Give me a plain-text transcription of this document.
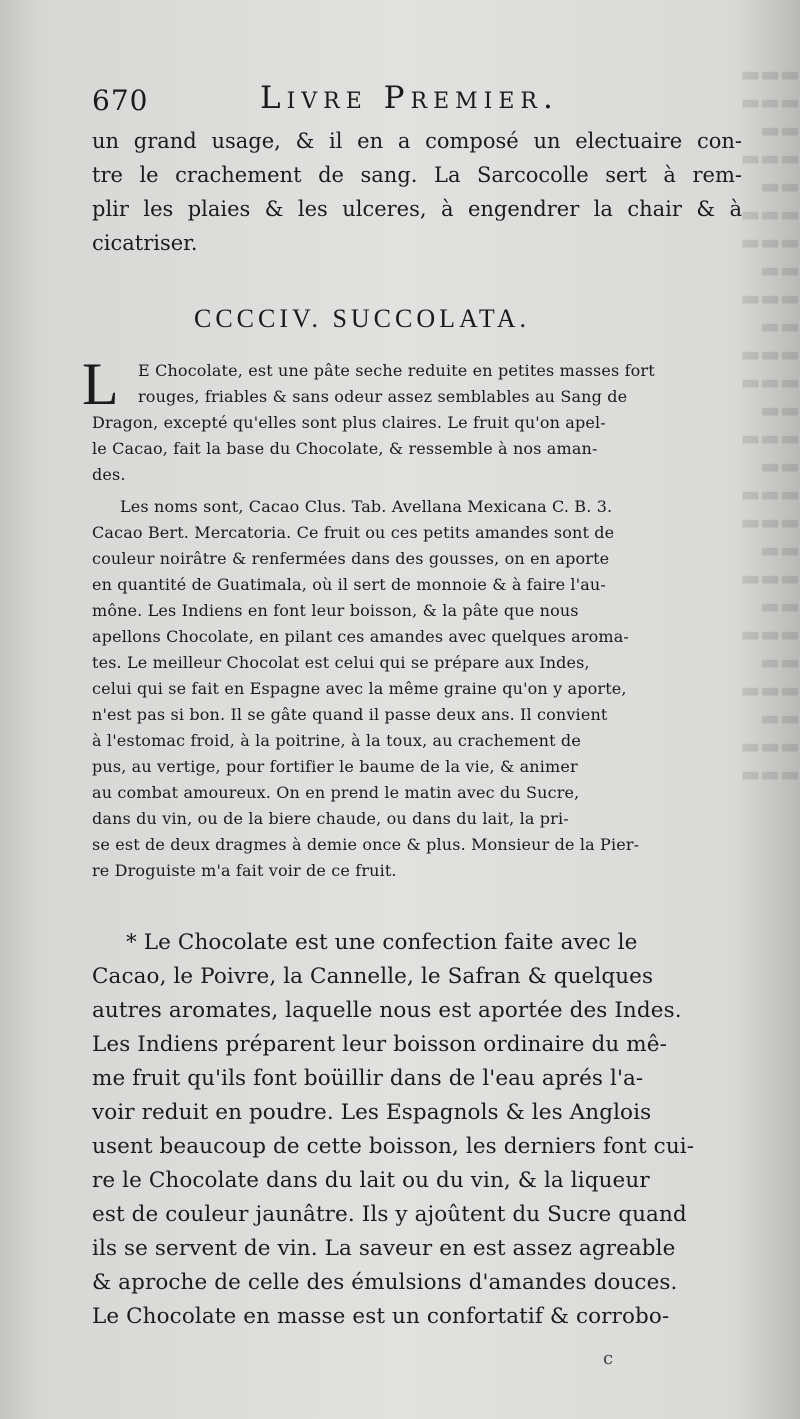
▬▬▬
▬▬▬
▬▬
▬▬▬
▬▬
▬▬▬
▬▬▬
▬▬
▬▬▬
▬▬
▬▬▬
▬▬▬
▬▬
▬▬▬
▬▬
▬▬▬
▬▬▬
▬▬
▬▬▬
▬▬
▬▬▬
▬▬
▬▬▬
▬▬
▬▬▬
▬▬▬
670	Livre Premier.

un grand usage, & il en a composé un electuaire con-

tre le crachement de sang. La Sarcocolle sert à rem-

plir les plaies & les ulceres, à engendrer la chair & à

cicatriser.

CCCCIV. SUCCOLATA.
L	E Chocolate, est une pâte seche reduite en petites masses fort

rouges, friables & sans odeur assez semblables au Sang de

Dragon, excepté qu'elles sont plus claires. Le fruit qu'on apel-

le Cacao, fait la base du Chocolate, & ressemble à nos aman-

des.

Les noms sont, Cacao Clus. Tab. Avellana Mexicana C. B. 3.

Cacao Bert. Mercatoria. Ce fruit ou ces petits amandes sont de

couleur noirâtre & renfermées dans des gousses, on en aporte

en quantité de Guatimala, où il sert de monnoie & à faire l'au-

mône. Les Indiens en font leur boisson, & la pâte que nous

apellons Chocolate, en pilant ces amandes avec quelques aroma-

tes. Le meilleur Chocolat est celui qui se prépare aux Indes,

celui qui se fait en Espagne avec la même graine qu'on y aporte,

n'est pas si bon. Il se gâte quand il passe deux ans. Il convient

à l'estomac froid, à la poitrine, à la toux, au crachement de

pus, au vertige, pour fortifier le baume de la vie, & animer

au combat amoureux. On en prend le matin avec du Sucre,

dans du vin, ou de la biere chaude, ou dans du lait, la pri-

se est de deux dragmes à demie once & plus. Monsieur de la Pier-

re Droguiste m'a fait voir de ce fruit.

* Le Chocolate est une confection faite avec le

Cacao, le Poivre, la Cannelle, le Safran & quelques

autres aromates, laquelle nous est aportée des Indes.

Les Indiens préparent leur boisson ordinaire du mê-

me fruit qu'ils font boüillir dans de l'eau aprés l'a-

voir reduit en poudre. Les Espagnols & les Anglois

usent beaucoup de cette boisson, les derniers font cui-

re le Chocolate dans du lait ou du vin, & la liqueur

est de couleur jaunâtre. Ils y ajoûtent du Sucre quand

ils se servent de vin. La saveur en est assez agreable

& aproche de celle des émulsions d'amandes douces.

Le Chocolate en masse est un confortatif & corrobo-

c
